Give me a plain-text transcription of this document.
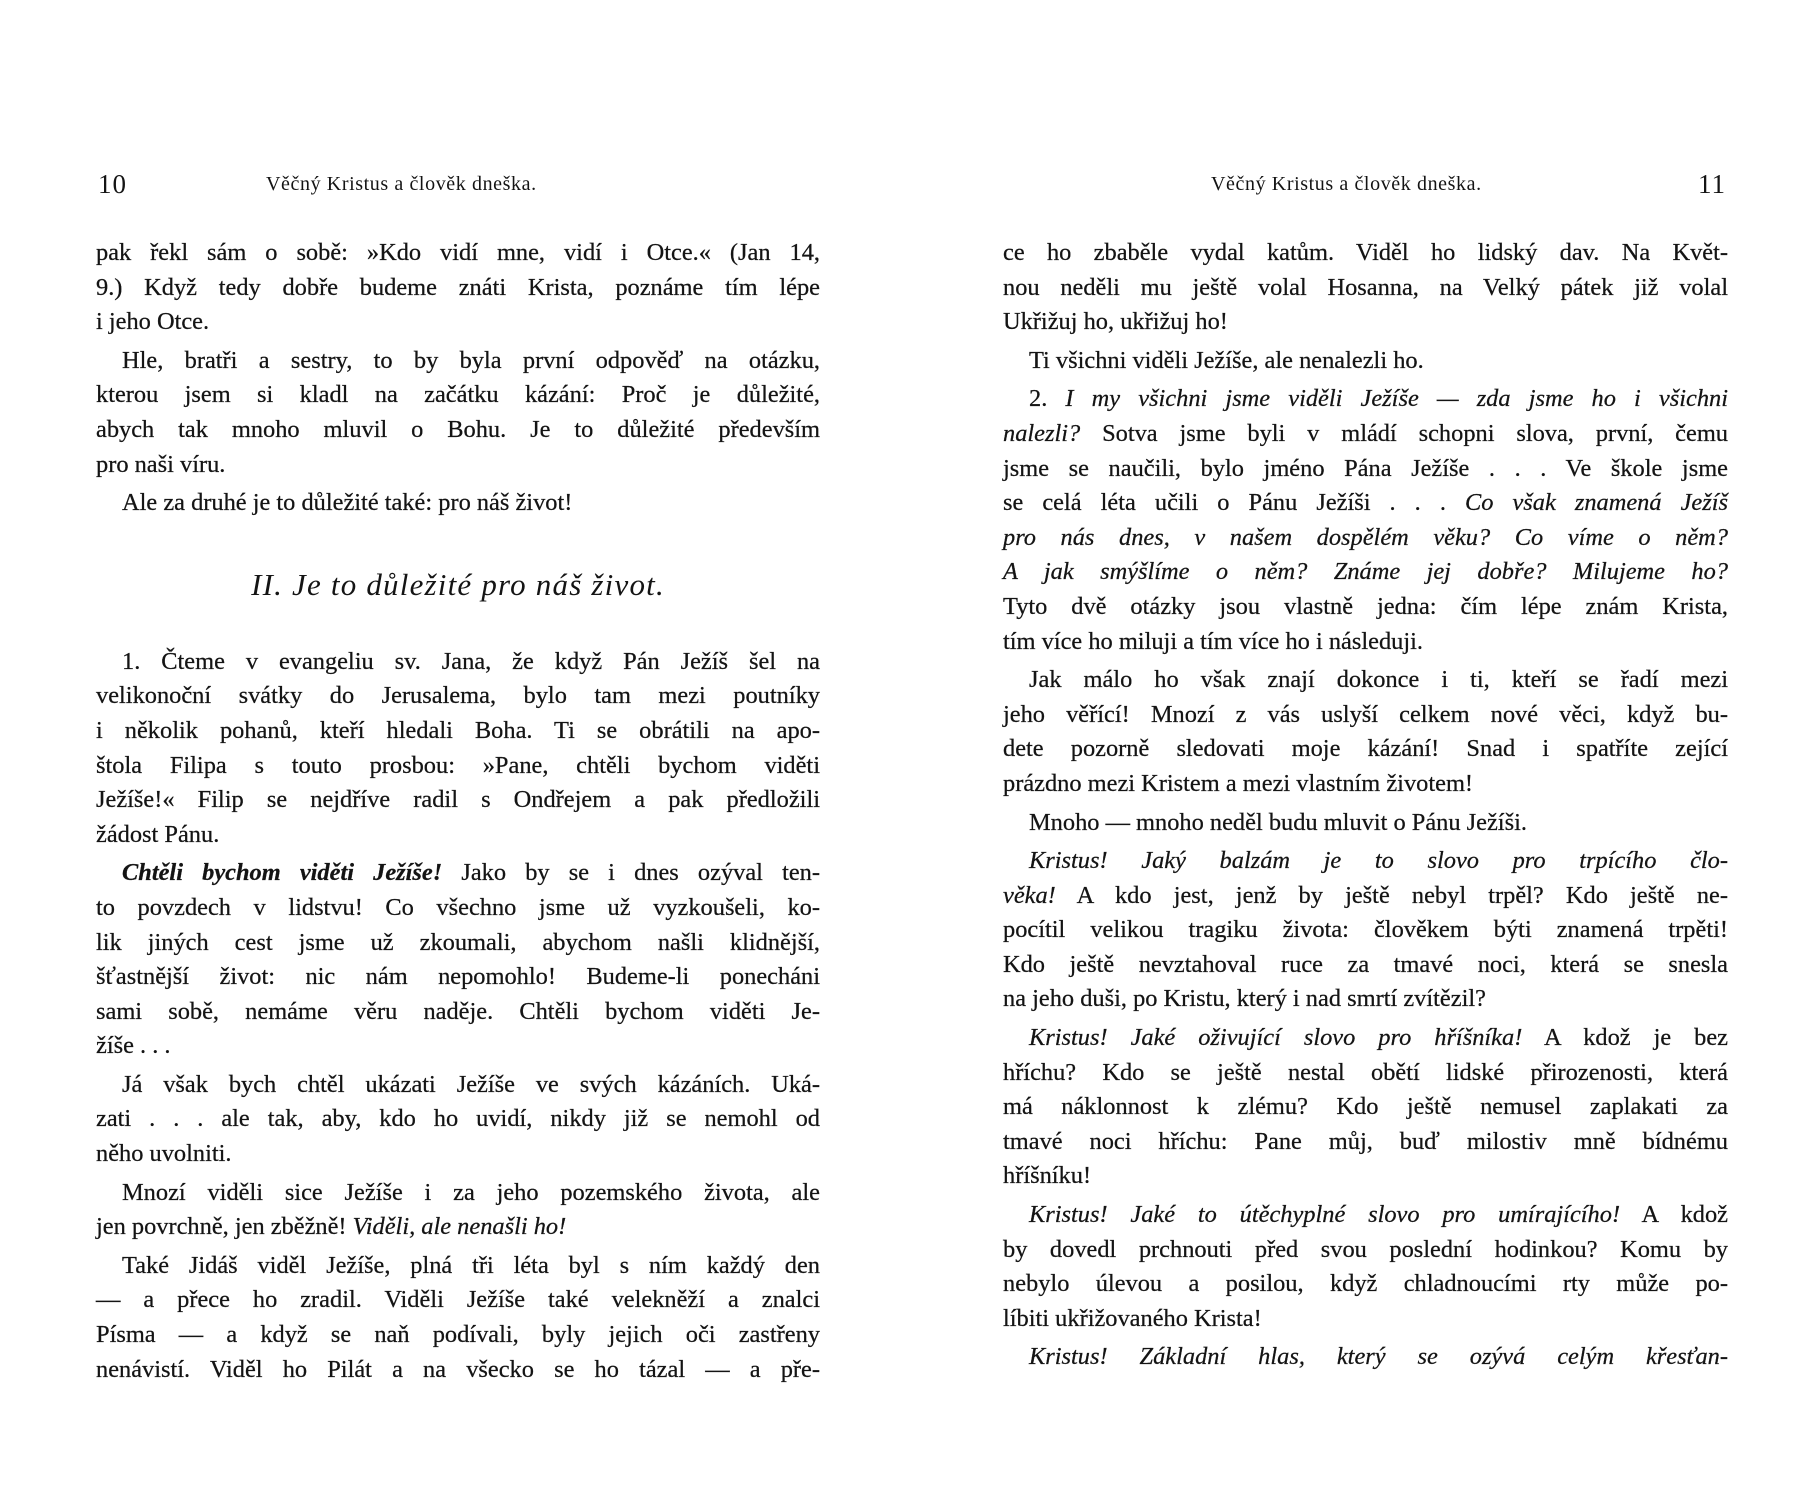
10	Věčný Kristus a člověk dneška.
pak řekl sám o sobě: »Kdo vidí mne, vidí i Otce.« (Jan 14,
9.) Když tedy dobře budeme znáti Krista, poznáme tím lépe
i jeho Otce.
Hle, bratři a sestry, to by byla první odpověď na otázku,
kterou jsem si kladl na začátku kázání: Proč je důležité,
abych tak mnoho mluvil o Bohu. Je to důležité především
pro naši víru.
Ale za druhé je to důležité také: pro náš život!
II. Je to důležité pro náš život.
1. Čteme v evangeliu sv. Jana, že když Pán Ježíš šel na
velikonoční svátky do Jerusalema, bylo tam mezi poutníky
i několik pohanů, kteří hledali Boha. Ti se obrátili na apo-
štola Filipa s touto prosbou: »Pane, chtěli bychom viděti
Ježíše!« Filip se nejdříve radil s Ondřejem a pak předložili
žádost Pánu.
Chtěli bychom viděti Ježíše! Jako by se i dnes ozýval ten-
to povzdech v lidstvu! Co všechno jsme už vyzkoušeli, ko-
lik jiných cest jsme už zkoumali, abychom našli klidnější,
šťastnější život: nic nám nepomohlo! Budeme-li ponecháni
sami sobě, nemáme věru naděje. Chtěli bychom viděti Je-
žíše . . .
Já však bych chtěl ukázati Ježíše ve svých kázáních. Uká-
zati . . . ale tak, aby, kdo ho uvidí, nikdy již se nemohl od
něho uvolniti.
Mnozí viděli sice Ježíše i za jeho pozemského života, ale
jen povrchně, jen zběžně! Viděli, ale nenašli ho!
Také Jidáš viděl Ježíše, plná tři léta byl s ním každý den
— a přece ho zradil. Viděli Ježíše také velekněží a znalci
Písma — a když se naň podívali, byly jejich oči zastřeny
nenávistí. Viděl ho Pilát a na všecko se ho tázal — a pře-
Věčný Kristus a člověk dneška.	11
ce ho zbaběle vydal katům. Viděl ho lidský dav. Na Květ-
nou neděli mu ještě volal Hosanna, na Velký pátek již volal
Ukřižuj ho, ukřižuj ho!
Ti všichni viděli Ježíše, ale nenalezli ho.
2. I my všichni jsme viděli Ježíše — zda jsme ho i všichni
nalezli? Sotva jsme byli v mládí schopni slova, první, čemu
jsme se naučili, bylo jméno Pána Ježíše . . . Ve škole jsme
se celá léta učili o Pánu Ježíši . . . Co však znamená Ježíš
pro nás dnes, v našem dospělém věku? Co víme o něm?
A jak smýšlíme o něm? Známe jej dobře? Milujeme ho?
Tyto dvě otázky jsou vlastně jedna: čím lépe znám Krista,
tím více ho miluji a tím více ho i následuji.
Jak málo ho však znají dokonce i ti, kteří se řadí mezi
jeho věřící! Mnozí z vás uslyší celkem nové věci, když bu-
dete pozorně sledovati moje kázání! Snad i spatříte zející
prázdno mezi Kristem a mezi vlastním životem!
Mnoho — mnoho neděl budu mluvit o Pánu Ježíši.
Kristus! Jaký balzám je to slovo pro trpícího člo-
věka! A kdo jest, jenž by ještě nebyl trpěl? Kdo ještě ne-
pocítil velikou tragiku života: člověkem býti znamená trpěti!
Kdo ještě nevztahoval ruce za tmavé noci, která se snesla
na jeho duši, po Kristu, který i nad smrtí zvítězil?
Kristus! Jaké oživující slovo pro hříšníka! A kdož je bez
hříchu? Kdo se ještě nestal obětí lidské přirozenosti, která
má náklonnost k zlému? Kdo ještě nemusel zaplakati za
tmavé noci hříchu: Pane můj, buď milostiv mně bídnému
hříšníku!
Kristus! Jaké to útěchyplné slovo pro umírajícího! A kdož
by dovedl prchnouti před svou poslední hodinkou? Komu by
nebylo úlevou a posilou, když chladnoucími rty může po-
líbiti ukřižovaného Krista!
Kristus! Základní hlas, který se ozývá celým křesťan-
